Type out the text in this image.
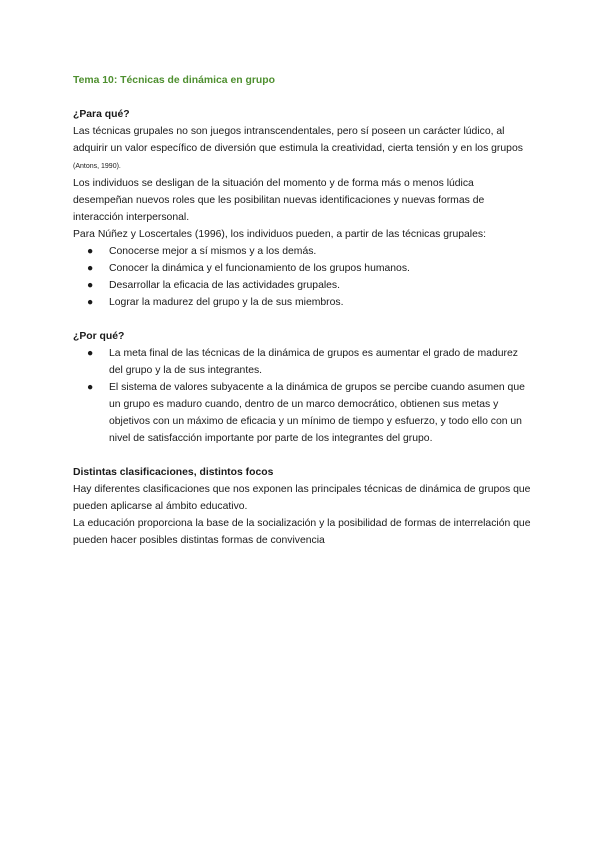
Tema 10: Técnicas de dinámica en grupo

¿Para qué?

Las técnicas grupales no son juegos intranscendentales, pero sí poseen un carácter lúdico, al adquirir un valor específico de diversión que estimula la creatividad, cierta tensión y en los grupos (Antons, 1990).

Los individuos se desligan de la situación del momento y de forma más o menos lúdica desempeñan nuevos roles que les posibilitan nuevas identificaciones y nuevas formas de interacción interpersonal.

Para Núñez y Loscertales (1996), los individuos pueden, a partir de las técnicas grupales:

● Conocerse mejor a sí mismos y a los demás.
● Conocer la dinámica y el funcionamiento de los grupos humanos.
● Desarrollar la eficacia de las actividades grupales.
● Lograr la madurez del grupo y la de sus miembros.

¿Por qué?

● La meta final de las técnicas de la dinámica de grupos es aumentar el grado de madurez del grupo y la de sus integrantes.
● El sistema de valores subyacente a la dinámica de grupos se percibe cuando asumen que un grupo es maduro cuando, dentro de un marco democrático, obtienen sus metas y objetivos con un máximo de eficacia y un mínimo de tiempo y esfuerzo, y todo ello con un nivel de satisfacción importante por parte de los integrantes del grupo.

Distintas clasificaciones, distintos focos

Hay diferentes clasificaciones que nos exponen las principales técnicas de dinámica de grupos que pueden aplicarse al ámbito educativo.

La educación proporciona la base de la socialización y la posibilidad de formas de interrelación que pueden hacer posibles distintas formas de convivencia
